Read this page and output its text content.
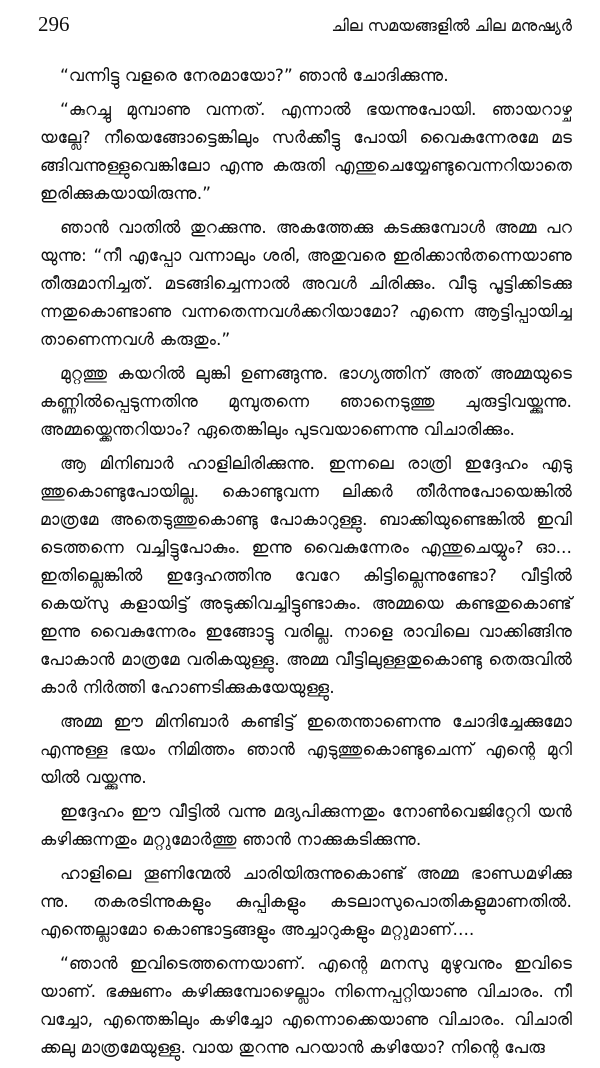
296	ചില സമയങ്ങളിൽ ചില മനുഷ്യർ

“വന്നിട്ടു വളരെ നേരമായോ?” ഞാൻ ചോദിക്കുന്നു.

“കുറച്ചു മുമ്പാണു വന്നത്. എന്നാൽ ഭയന്നുപോയി. ഞായറാഴ്ച യല്ലേ? നീയെങ്ങോട്ടെങ്കിലും സർക്കീട്ടു പോയി വൈകുന്നേരമേ മട ങ്ങിവന്നുള്ളുവെങ്കിലോ എന്നു കരുതി എന്തുചെയ്യേണ്ടുവെന്നറിയാതെ ഇരിക്കുകയായിരുന്നു.”

ഞാൻ വാതിൽ തുറക്കുന്നു. അകത്തേക്കു കടക്കുമ്പോൾ അമ്മ പറ യുന്നു: “നീ എപ്പോ വന്നാലും ശരി, അതുവരെ ഇരിക്കാൻതന്നെയാണു തീരുമാനിച്ചത്. മടങ്ങിച്ചെന്നാൽ അവൾ ചിരിക്കും. വീടു പൂട്ടിക്കിടക്കു ന്നതുകൊണ്ടാണു വന്നതെന്നവൾക്കറിയാമോ? എന്നെ ആട്ടിപ്പായിച്ച താണെന്നവൾ കരുതും.”

മുറ്റത്തു കയറിൽ ലുങ്കി ഉണങ്ങുന്നു. ഭാഗ്യത്തിന് അത് അമ്മയുടെ കണ്ണിൽപ്പെടുന്നതിനു മുമ്പുതന്നെ ഞാനെടുത്തു ചുരുട്ടിവയ്ക്കുന്നു. അമ്മയ്ക്കെന്തറിയാം? ഏതെങ്കിലും പുടവയാണെന്നു വിചാരിക്കും.

ആ മിനിബാർ ഹാളിലിരിക്കുന്നു. ഇന്നലെ രാത്രി ഇദ്ദേഹം എടു ത്തുകൊണ്ടുപോയില്ല. കൊണ്ടുവന്ന ലിക്കർ തീർന്നുപോയെങ്കിൽ മാത്രമേ അതെടുത്തുകൊണ്ടു പോകാറുള്ളു. ബാക്കിയുണ്ടെങ്കിൽ ഇവി ടെത്തന്നെ വച്ചിട്ടുപോകും. ഇന്നു വൈകുന്നേരം എന്തുചെയ്യും? ഓ... ഇതില്ലെങ്കിൽ ഇദ്ദേഹത്തിനു വേറേ കിട്ടില്ലെന്നുണ്ടോ? വീട്ടിൽ കെയ്സു കളായിട്ട് അടുക്കിവച്ചിട്ടുണ്ടാകും. അമ്മയെ കണ്ടതുകൊണ്ട് ഇന്നു വൈകുന്നേരം ഇങ്ങോട്ടു വരില്ല. നാളെ രാവിലെ വാക്കിങ്ങിനു പോകാൻ മാത്രമേ വരികയുള്ളു. അമ്മ വീട്ടിലുള്ളതുകൊണ്ടു തെരുവിൽ കാർ നിർത്തി ഹോണടിക്കുകയേയുള്ളു.

അമ്മ ഈ മിനിബാർ കണ്ടിട്ട് ഇതെന്താണെന്നു ചോദിച്ചേക്കുമോ എന്നുള്ള ഭയം നിമിത്തം ഞാൻ എടുത്തുകൊണ്ടുചെന്ന് എന്റെ മുറി യിൽ വയ്ക്കുന്നു.

ഇദ്ദേഹം ഈ വീട്ടിൽ വന്നു മദ്യപിക്കുന്നതും നോൺവെജിറ്റേറി യൻ കഴിക്കുന്നതും മറ്റുമോർത്തു ഞാൻ നാക്കുകടിക്കുന്നു.

ഹാളിലെ തൂണിന്മേൽ ചാരിയിരുന്നുകൊണ്ട് അമ്മ ഭാണ്ഡമഴിക്കു ന്നു. തകരടിന്നുകളും കുപ്പികളും കടലാസുപൊതികളുമാണതിൽ. എന്തെല്ലാമോ കൊണ്ടാട്ടങ്ങളും അച്ചാറുകളും മറ്റുമാണ്....

“ഞാൻ ഇവിടെത്തന്നെയാണ്. എന്റെ മനസു മുഴുവനും ഇവിടെ യാണ്. ഭക്ഷണം കഴിക്കുമ്പോഴെല്ലാം നിന്നെപ്പറ്റിയാണു വിചാരം. നീ വച്ചോ, എന്തെങ്കിലും കഴിച്ചോ എന്നൊക്കെയാണു വിചാരം. വിചാരി ക്കലു മാത്രമേയുള്ളു. വായ തുറന്നു പറയാൻ കഴിയോ? നിന്റെ പേരു
